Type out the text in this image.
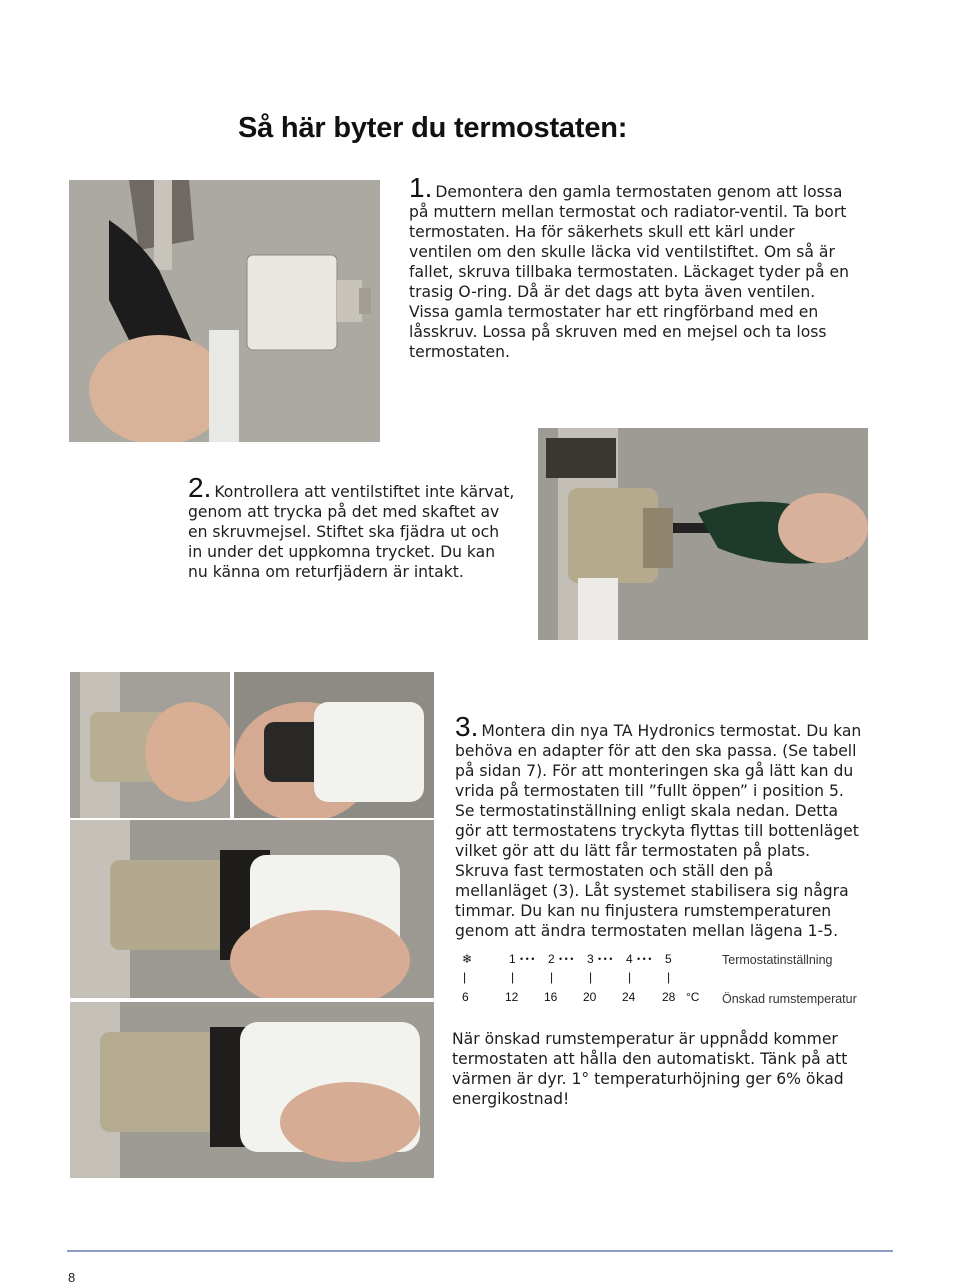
Så här byter du termostaten:
1. Demontera den gamla termostaten genom att lossa på muttern mellan termostat och radiator-ventil. Ta bort termostaten. Ha för säkerhets skull ett kärl under ventilen om den skulle läcka vid ventilstiftet. Om så är fallet, skruva tillbaka termostaten. Läckaget tyder på en trasig O-ring. Då är det dags att byta även ventilen. Vissa gamla termostater har ett ringförband med en låsskruv. Lossa på skruven med en mejsel och ta loss termostaten.
2. Kontrollera att ventilstiftet inte kärvat, genom att trycka på det med skaftet av en skruvmejsel. Stiftet ska fjädra ut och in under det uppkomna trycket. Du kan nu känna om returfjädern är intakt.
3. Montera din nya TA Hydronics termostat. Du kan behöva en adapter för att den ska passa. (Se tabell på sidan 7). För att monteringen ska gå lätt kan du vrida på termostaten till ”fullt öppen” i position 5. Se termostatinställning enligt skala nedan. Detta gör att termostatens tryckyta flyttas till bottenläget vilket gör att du lätt får termostaten på plats. Skruva fast termostaten och ställ den på mellanläget (3). Låt systemet stabilisera sig några timmar. Du kan nu finjustera rumstemperaturen genom att ändra termostaten mellan lägena 1-5.
❄	1 • • • 2 • • • 3 • • • 4 • • • 5
|	|	|	|	|	|
6	12 16 20 24 28 °C
Termostatinställning
Önskad rumstemperatur
När önskad rumstemperatur är uppnådd kommer termostaten att hålla den automatiskt. Tänk på att värmen är dyr. 1° temperaturhöjning ger 6% ökad energikostnad!
8
